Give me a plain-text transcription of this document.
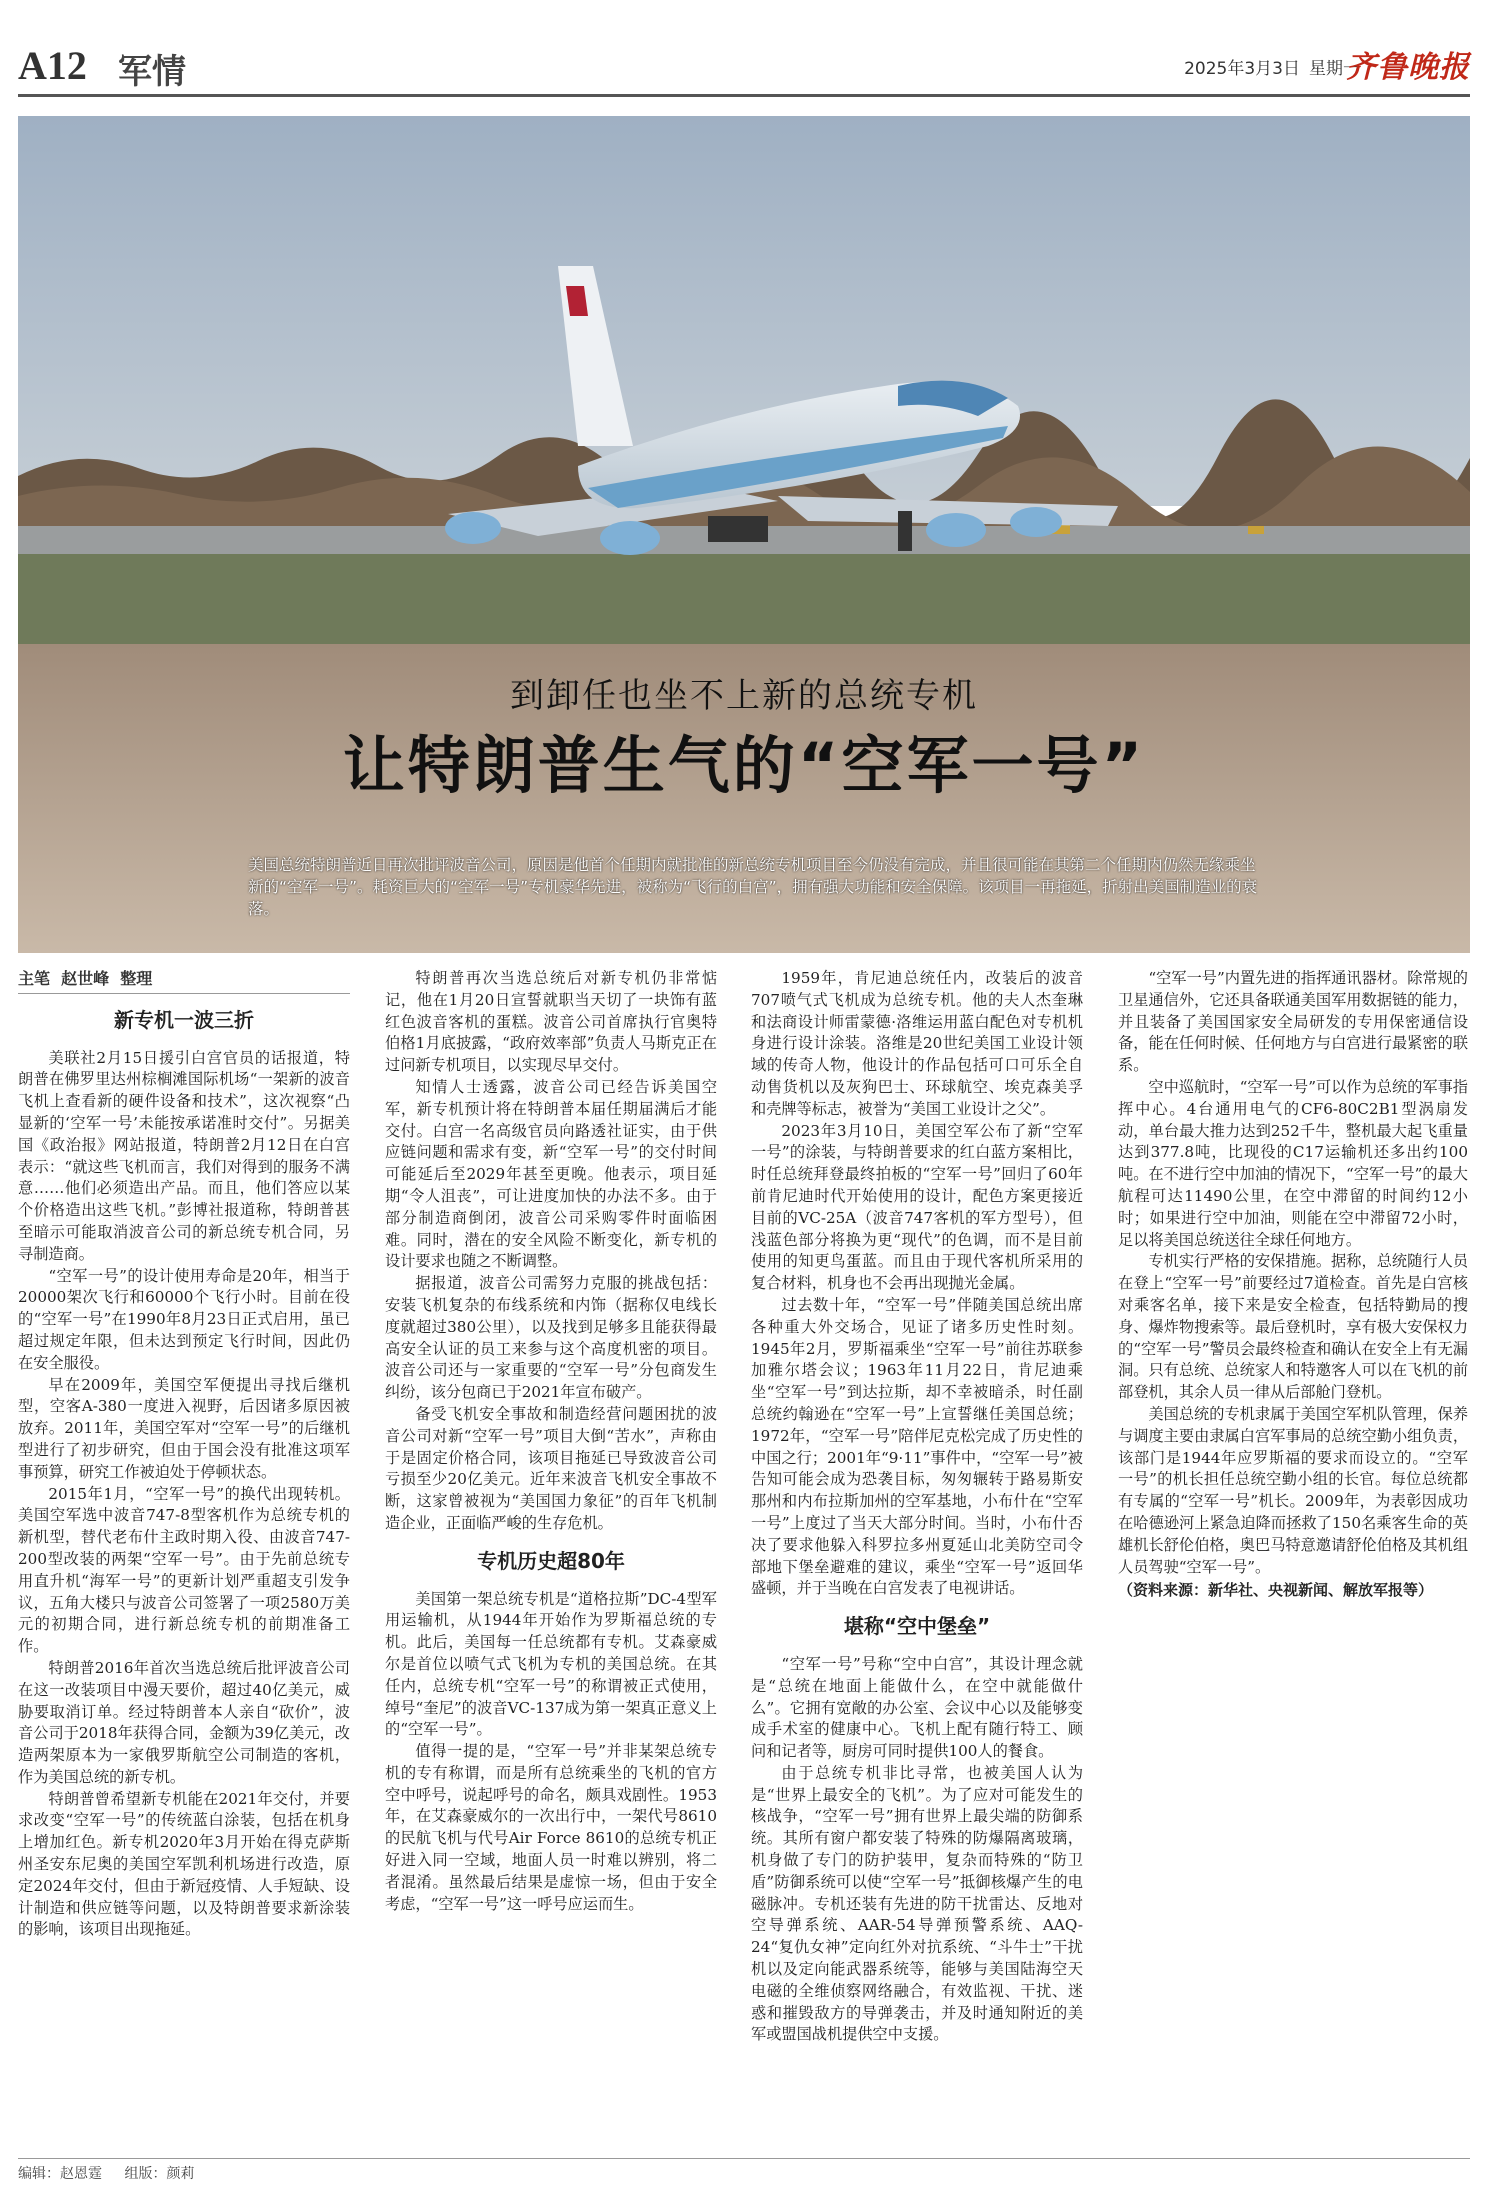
A12 军情	2025年3月3日 星期一
齐鲁晚报
到卸任也坐不上新的总统专机
让特朗普生气的“空军一号”
美国总统特朗普近日再次批评波音公司，原因是他首个任期内就批准的新总统专机项目至今仍没有完成，并且很可能在其第二个任期内仍然无缘乘坐新的“空军一号”。耗资巨大的“空军一号”专机豪华先进，被称为“飞行的白宫”，拥有强大功能和安全保障。该项目一再拖延，折射出美国制造业的衰落。
主笔  赵世峰  整理
新专机一波三折

美联社2月15日援引白宫官员的话报道，特朗普在佛罗里达州棕榈滩国际机场“一架新的波音飞机上查看新的硬件设备和技术”，这次视察“凸显新的‘空军一号’未能按承诺准时交付”。另据美国《政治报》网站报道，特朗普2月12日在白宫表示：“就这些飞机而言，我们对得到的服务不满意……他们必须造出产品。而且，他们答应以某个价格造出这些飞机。”彭博社报道称，特朗普甚至暗示可能取消波音公司的新总统专机合同，另寻制造商。

“空军一号”的设计使用寿命是20年，相当于20000架次飞行和60000个飞行小时。目前在役的“空军一号”在1990年8月23日正式启用，虽已超过规定年限，但未达到预定飞行时间，因此仍在安全服役。

早在2009年，美国空军便提出寻找后继机型，空客A-380一度进入视野，后因诸多原因被放弃。2011年，美国空军对“空军一号”的后继机型进行了初步研究，但由于国会没有批准这项军事预算，研究工作被迫处于停顿状态。

2015年1月，“空军一号”的换代出现转机。美国空军选中波音747-8型客机作为总统专机的新机型，替代老布什主政时期入役、由波音747-200型改装的两架“空军一号”。由于先前总统专用直升机“海军一号”的更新计划严重超支引发争议，五角大楼只与波音公司签署了一项2580万美元的初期合同，进行新总统专机的前期准备工作。

特朗普2016年首次当选总统后批评波音公司在这一改装项目中漫天要价，超过40亿美元，威胁要取消订单。经过特朗普本人亲自“砍价”，波音公司于2018年获得合同，金额为39亿美元，改造两架原本为一家俄罗斯航空公司制造的客机，作为美国总统的新专机。

特朗普曾希望新专机能在2021年交付，并要求改变“空军一号”的传统蓝白涂装，包括在机身上增加红色。新专机2020年3月开始在得克萨斯州圣安东尼奥的美国空军凯利机场进行改造，原定2024年交付，但由于新冠疫情、人手短缺、设计制造和供应链等问题，以及特朗普要求新涂装的影响，该项目出现拖延。

特朗普再次当选总统后对新专机仍非常惦记，他在1月20日宣誓就职当天切了一块饰有蓝红色波音客机的蛋糕。波音公司首席执行官奥特伯格1月底披露，“政府效率部”负责人马斯克正在过问新专机项目，以实现尽早交付。

知情人士透露，波音公司已经告诉美国空军，新专机预计将在特朗普本届任期届满后才能交付。白宫一名高级官员向路透社证实，由于供应链问题和需求有变，新“空军一号”的交付时间可能延后至2029年甚至更晚。他表示，项目延期“令人沮丧”，可让进度加快的办法不多。由于部分制造商倒闭，波音公司采购零件时面临困难。同时，潜在的安全风险不断变化，新专机的设计要求也随之不断调整。

据报道，波音公司需努力克服的挑战包括：安装飞机复杂的布线系统和内饰（据称仅电线长度就超过380公里），以及找到足够多且能获得最高安全认证的员工来参与这个高度机密的项目。波音公司还与一家重要的“空军一号”分包商发生纠纷，该分包商已于2021年宣布破产。

备受飞机安全事故和制造经营问题困扰的波音公司对新“空军一号”项目大倒“苦水”，声称由于是固定价格合同，该项目拖延已导致波音公司亏损至少20亿美元。近年来波音飞机安全事故不断，这家曾被视为“美国国力象征”的百年飞机制造企业，正面临严峻的生存危机。

专机历史超80年

美国第一架总统专机是“道格拉斯”DC-4型军用运输机，从1944年开始作为罗斯福总统的专机。此后，美国每一任总统都有专机。艾森豪威尔是首位以喷气式飞机为专机的美国总统。在其任内，总统专机“空军一号”的称谓被正式使用，绰号“奎尼”的波音VC-137成为第一架真正意义上的“空军一号”。

值得一提的是，“空军一号”并非某架总统专机的专有称谓，而是所有总统乘坐的飞机的官方空中呼号，说起呼号的命名，颇具戏剧性。1953年，在艾森豪威尔的一次出行中，一架代号8610的民航飞机与代号Air Force 8610的总统专机正好进入同一空域，地面人员一时难以辨别，将二者混淆。虽然最后结果是虚惊一场，但由于安全考虑，“空军一号”这一呼号应运而生。

1959年，肯尼迪总统任内，改装后的波音707喷气式飞机成为总统专机。他的夫人杰奎琳和法商设计师雷蒙德·洛维运用蓝白配色对专机机身进行设计涂装。洛维是20世纪美国工业设计领域的传奇人物，他设计的作品包括可口可乐全自动售货机以及灰狗巴士、环球航空、埃克森美孚和壳牌等标志，被誉为“美国工业设计之父”。

2023年3月10日，美国空军公布了新“空军一号”的涂装，与特朗普要求的红白蓝方案相比，时任总统拜登最终拍板的“空军一号”回归了60年前肯尼迪时代开始使用的设计，配色方案更接近目前的VC-25A（波音747客机的军方型号），但浅蓝色部分将换为更“现代”的色调，而不是目前使用的知更鸟蛋蓝。而且由于现代客机所采用的复合材料，机身也不会再出现抛光金属。

过去数十年，“空军一号”伴随美国总统出席各种重大外交场合，见证了诸多历史性时刻。1945年2月，罗斯福乘坐“空军一号”前往苏联参加雅尔塔会议；1963年11月22日，肯尼迪乘坐“空军一号”到达拉斯，却不幸被暗杀，时任副总统约翰逊在“空军一号”上宣誓继任美国总统；1972年，“空军一号”陪伴尼克松完成了历史性的中国之行；2001年“9·11”事件中，“空军一号”被告知可能会成为恐袭目标，匆匆辗转于路易斯安那州和内布拉斯加州的空军基地，小布什在“空军一号”上度过了当天大部分时间。当时，小布什否决了要求他躲入科罗拉多州夏延山北美防空司令部地下堡垒避难的建议，乘坐“空军一号”返回华盛顿，并于当晚在白宫发表了电视讲话。

堪称“空中堡垒”

“空军一号”号称“空中白宫”，其设计理念就是“总统在地面上能做什么，在空中就能做什么”。它拥有宽敞的办公室、会议中心以及能够变成手术室的健康中心。飞机上配有随行特工、顾问和记者等，厨房可同时提供100人的餐食。

由于总统专机非比寻常，也被美国人认为是“世界上最安全的飞机”。为了应对可能发生的核战争，“空军一号”拥有世界上最尖端的防御系统。其所有窗户都安装了特殊的防爆隔离玻璃，机身做了专门的防护装甲，复杂而特殊的“防卫盾”防御系统可以使“空军一号”抵御核爆产生的电磁脉冲。专机还装有先进的防干扰雷达、反地对空导弹系统、AAR-54导弹预警系统、AAQ-24“复仇女神”定向红外对抗系统、“斗牛士”干扰机以及定向能武器系统等，能够与美国陆海空天电磁的全维侦察网络融合，有效监视、干扰、迷惑和摧毁敌方的导弹袭击，并及时通知附近的美军或盟国战机提供空中支援。

“空军一号”内置先进的指挥通讯器材。除常规的卫星通信外，它还具备联通美国军用数据链的能力，并且装备了美国国家安全局研发的专用保密通信设备，能在任何时候、任何地方与白宫进行最紧密的联系。

空中巡航时，“空军一号”可以作为总统的军事指挥中心。4台通用电气的CF6-80C2B1型涡扇发动，单台最大推力达到252千牛，整机最大起飞重量达到377.8吨，比现役的C17运输机还多出约100吨。在不进行空中加油的情况下，“空军一号”的最大航程可达11490公里，在空中滞留的时间约12小时；如果进行空中加油，则能在空中滞留72小时，足以将美国总统送往全球任何地方。

专机实行严格的安保措施。据称，总统随行人员在登上“空军一号”前要经过7道检查。首先是白宫核对乘客名单，接下来是安全检查，包括特勤局的搜身、爆炸物搜索等。最后登机时，享有极大安保权力的“空军一号”警员会最终检查和确认在安全上有无漏洞。只有总统、总统家人和特邀客人可以在飞机的前部登机，其余人员一律从后部舱门登机。

美国总统的专机隶属于美国空军机队管理，保养与调度主要由隶属白宫军事局的总统空勤小组负责，该部门是1944年应罗斯福的要求而设立的。“空军一号”的机长担任总统空勤小组的长官。每位总统都有专属的“空军一号”机长。2009年，为表彰因成功在哈德逊河上紧急迫降而拯救了150名乘客生命的英雄机长舒伦伯格，奥巴马特意邀请舒伦伯格及其机组人员驾驶“空军一号”。

（资料来源：新华社、央视新闻、解放军报等）

编辑：赵恩霆 组版：颜莉
